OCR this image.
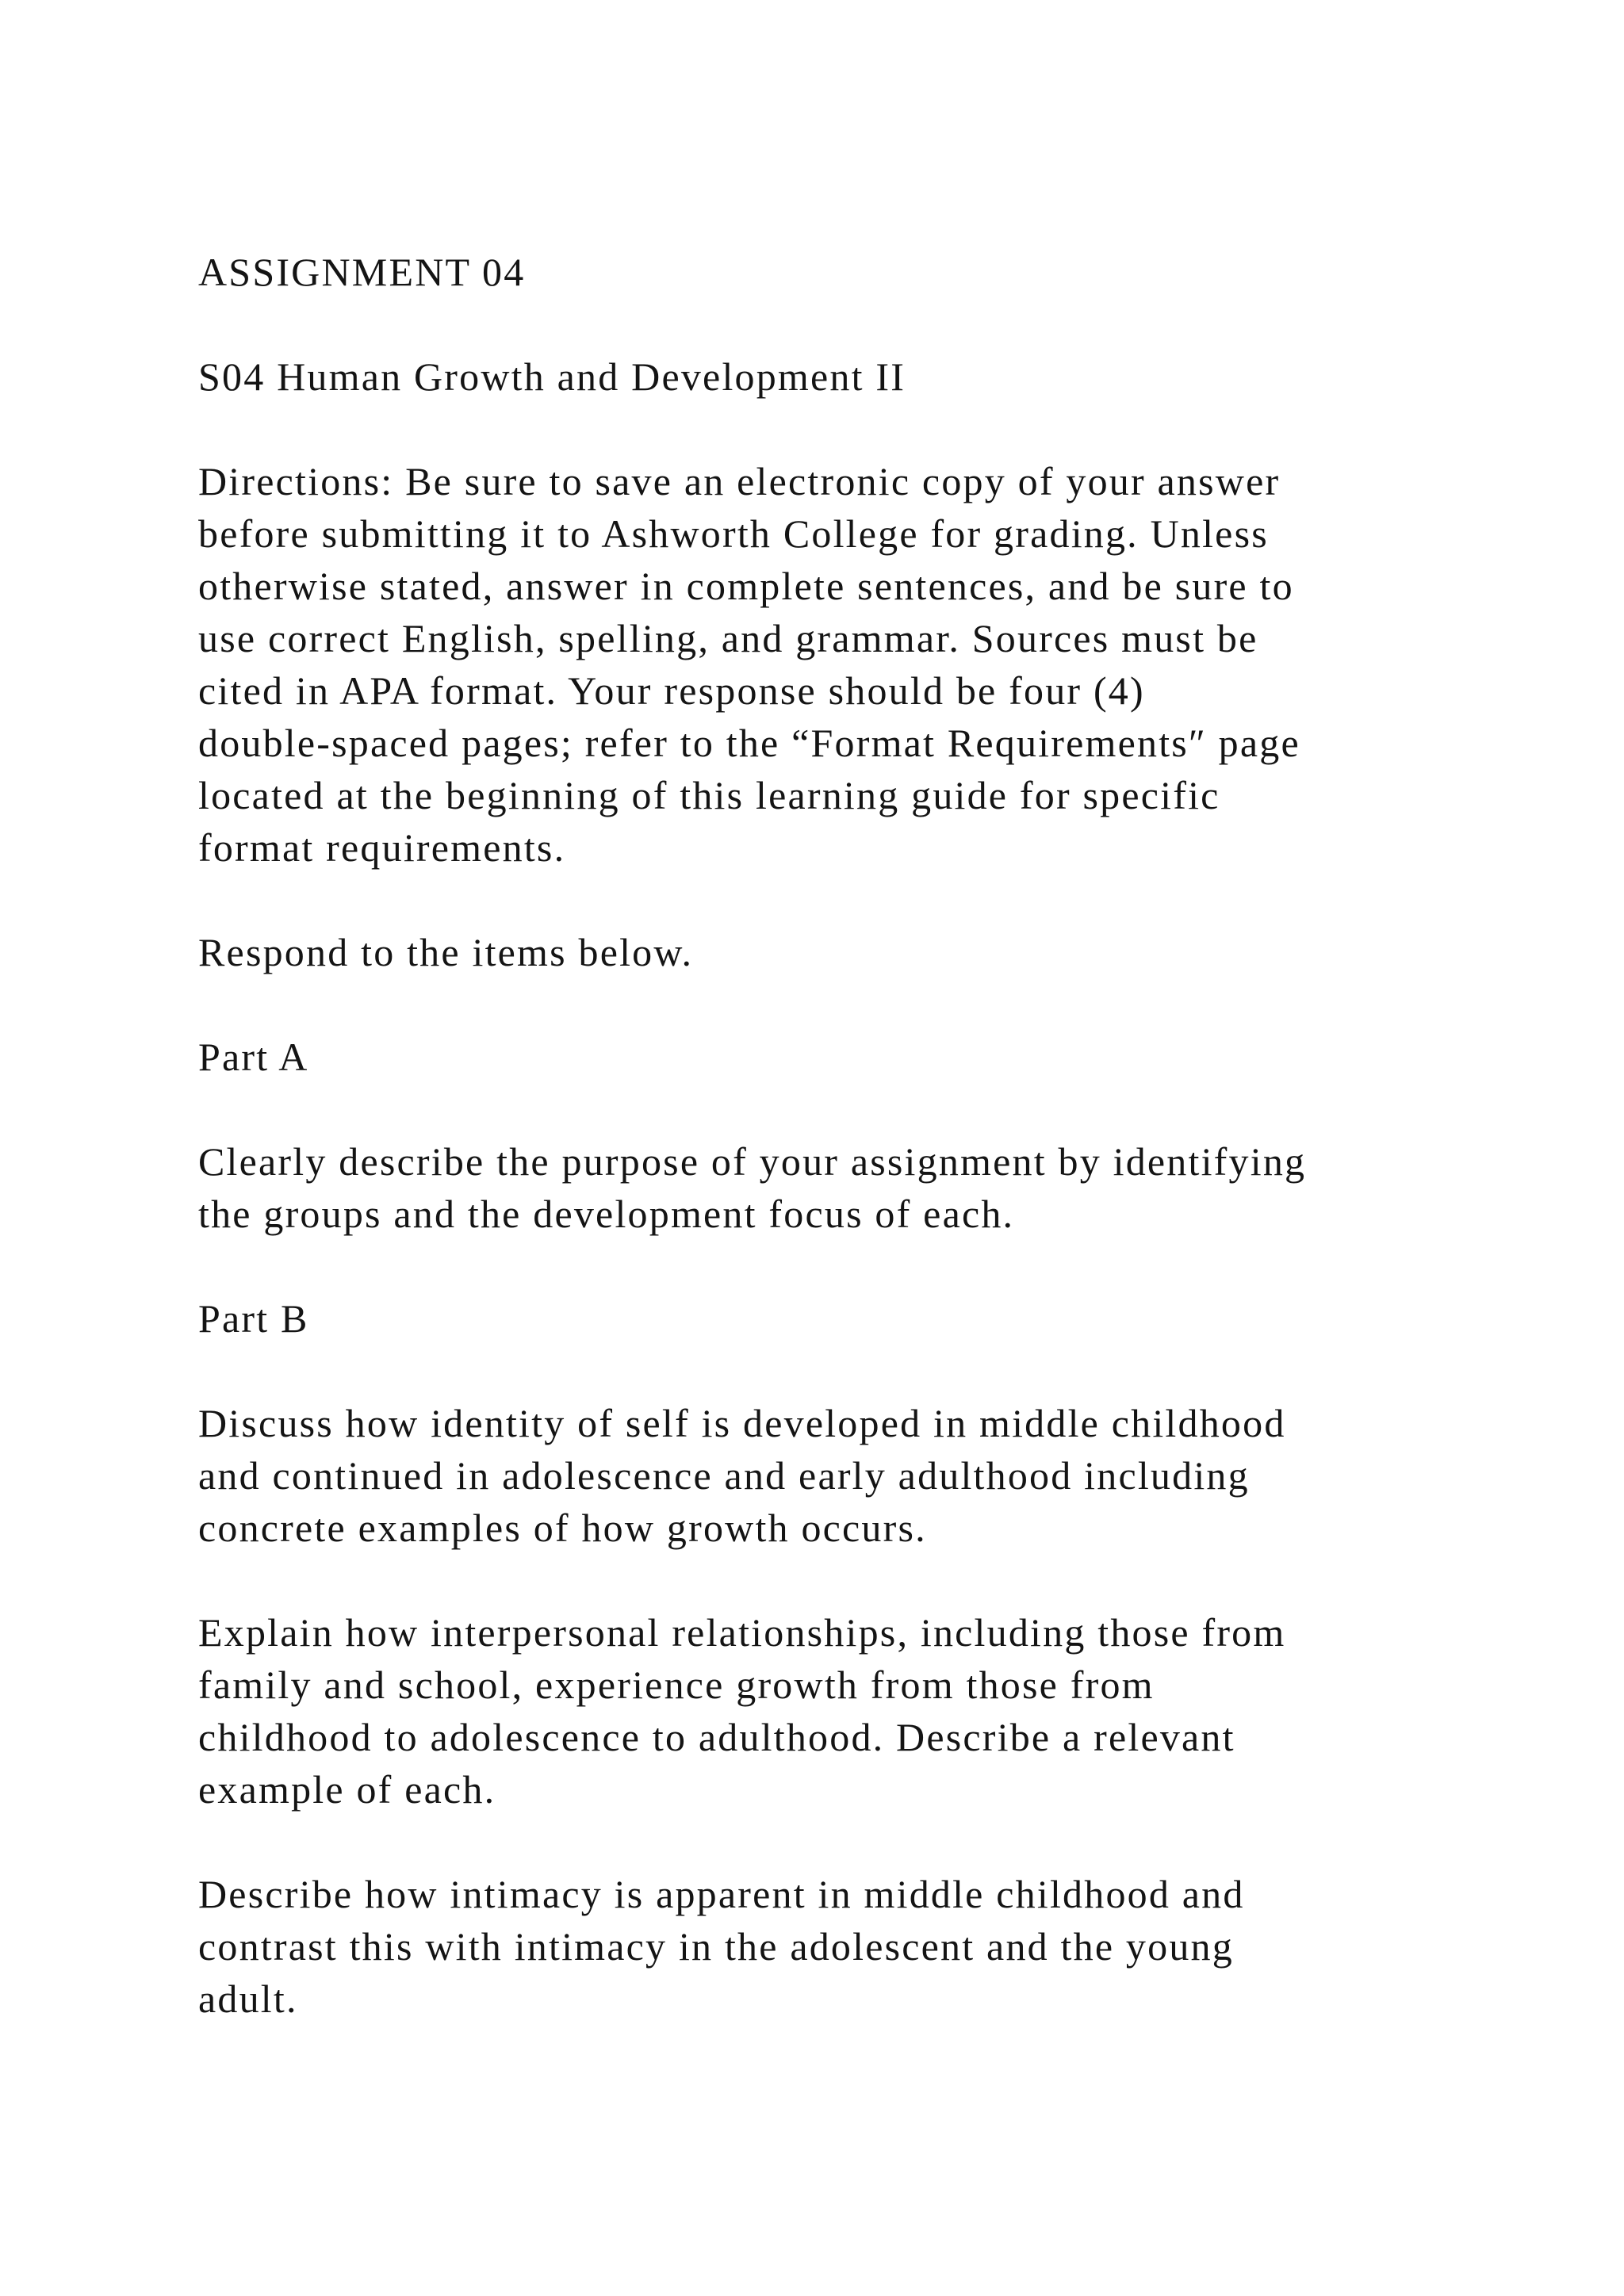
ASSIGNMENT 04

S04 Human Growth and Development II

Directions: Be sure to save an electronic copy of your answer
before submitting it to Ashworth College for grading. Unless
otherwise stated, answer in complete sentences, and be sure to
use correct English, spelling, and grammar. Sources must be
cited in APA format. Your response should be four (4)
double-spaced pages; refer to the “Format Requirements″ page
located at the beginning of this learning guide for specific
format requirements.

Respond to the items below.

Part A

Clearly describe the purpose of your assignment by identifying
the groups and the development focus of each.

Part B

Discuss how identity of self is developed in middle childhood
and continued in adolescence and early adulthood including
concrete examples of how growth occurs.

Explain how interpersonal relationships, including those from
family and school, experience growth from those from
childhood to adolescence to adulthood. Describe a relevant
example of each.

Describe how intimacy is apparent in middle childhood and
contrast this with intimacy in the adolescent and the young
adult.
